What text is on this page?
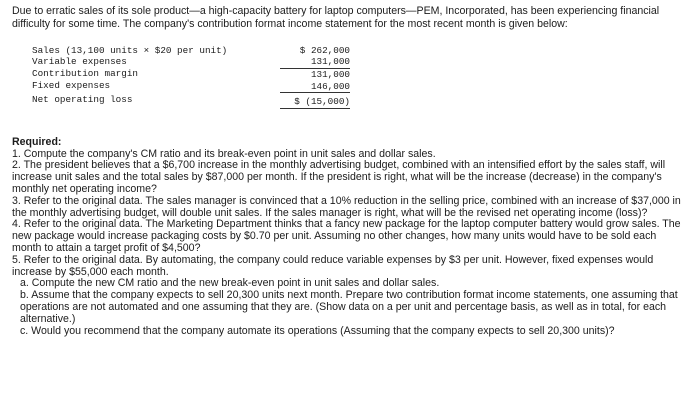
Due to erratic sales of its sole product—a high-capacity battery for laptop computers—PEM, Incorporated, has been experiencing financial difficulty for some time. The company's contribution format income statement for the most recent month is given below:

Sales (13,100 units × $20 per unit)
Variable expenses
Contribution margin
Fixed expenses
Net operating loss
$ 262,000
131,000
131,000
146,000
$ (15,000)

Required:

1. Compute the company's CM ratio and its break-even point in unit sales and dollar sales.

2. The president believes that a $6,700 increase in the monthly advertising budget, combined with an intensified effort by the sales staff, will increase unit sales and the total sales by $87,000 per month. If the president is right, what will be the increase (decrease) in the company's monthly net operating income?

3. Refer to the original data. The sales manager is convinced that a 10% reduction in the selling price, combined with an increase of $37,000 in the monthly advertising budget, will double unit sales. If the sales manager is right, what will be the revised net operating income (loss)?

4. Refer to the original data. The Marketing Department thinks that a fancy new package for the laptop computer battery would grow sales. The new package would increase packaging costs by $0.70 per unit. Assuming no other changes, how many units would have to be sold each month to attain a target profit of $4,500?

5. Refer to the original data. By automating, the company could reduce variable expenses by $3 per unit. However, fixed expenses would increase by $55,000 each month.

a. Compute the new CM ratio and the new break-even point in unit sales and dollar sales.

b. Assume that the company expects to sell 20,300 units next month. Prepare two contribution format income statements, one assuming that operations are not automated and one assuming that they are. (Show data on a per unit and percentage basis, as well as in total, for each alternative.)

c. Would you recommend that the company automate its operations (Assuming that the company expects to sell 20,300 units)?
